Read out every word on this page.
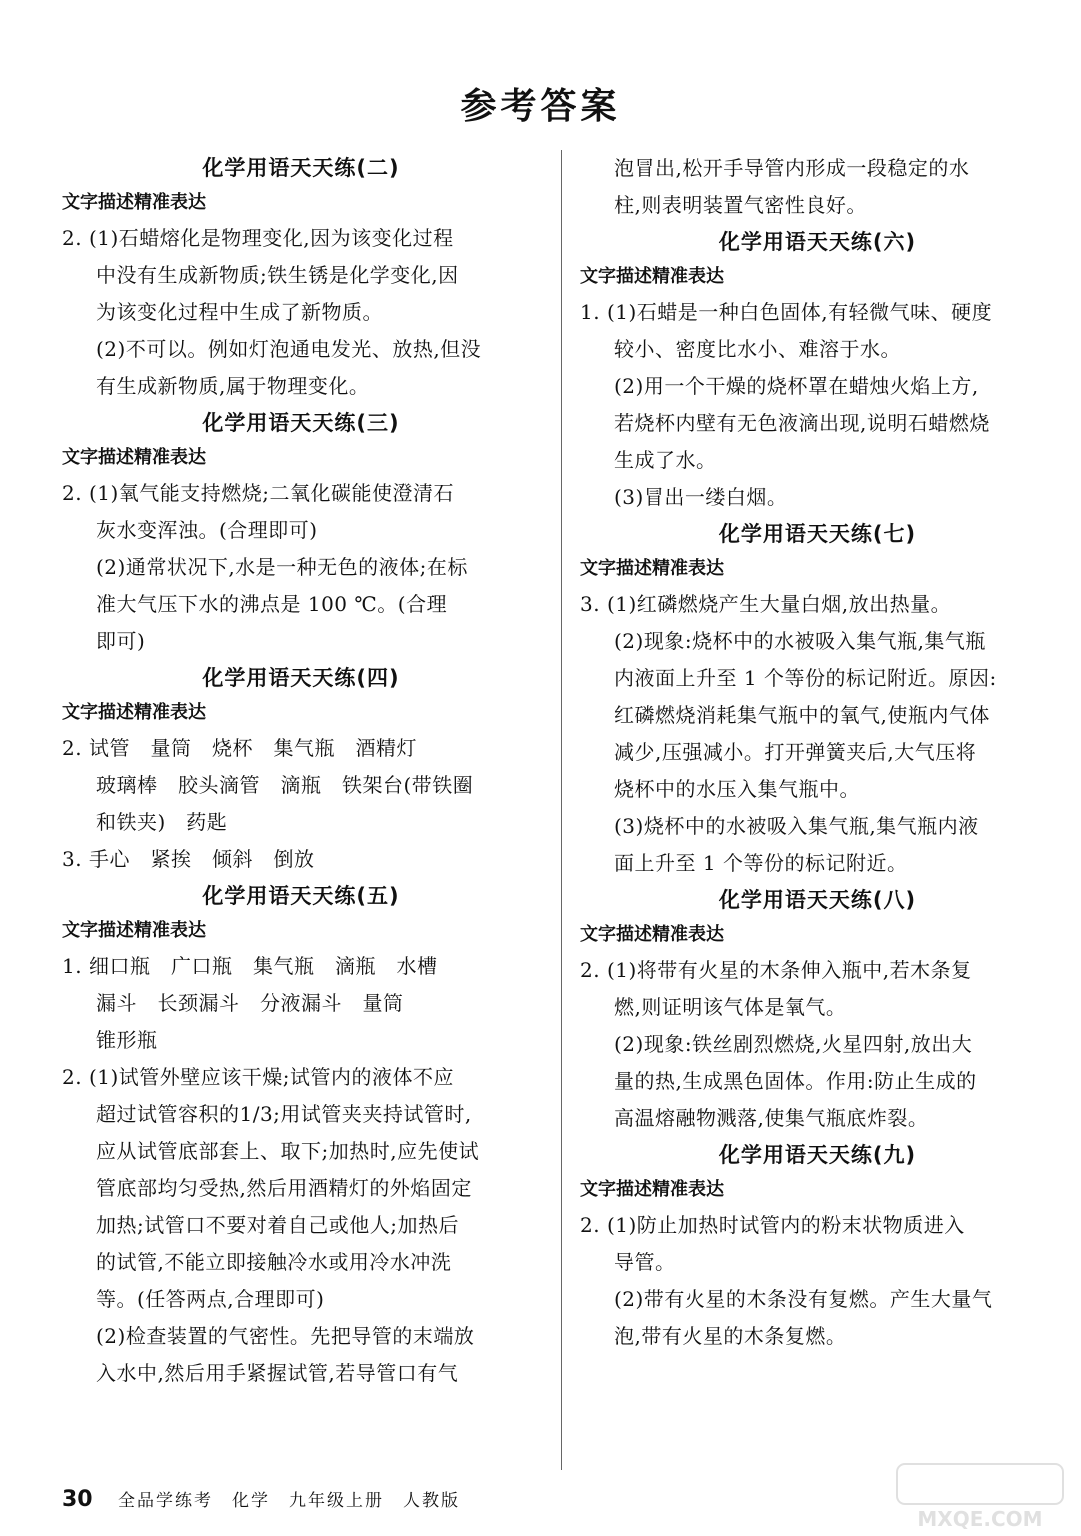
参考答案
化学用语天天练(二)
文字描述精准表达
2. (1)石蜡熔化是物理变化,因为该变化过程
中没有生成新物质;铁生锈是化学变化,因
为该变化过程中生成了新物质。
(2)不可以。例如灯泡通电发光、放热,但没
有生成新物质,属于物理变化。
化学用语天天练(三)
文字描述精准表达
2. (1)氧气能支持燃烧;二氧化碳能使澄清石
灰水变浑浊。(合理即可)
(2)通常状况下,水是一种无色的液体;在标
准大气压下水的沸点是 100 ℃。(合理
即可)
化学用语天天练(四)
文字描述精准表达
2. 试管　量筒　烧杯　集气瓶　酒精灯
玻璃棒　胶头滴管　滴瓶　铁架台(带铁圈
和铁夹)　药匙
3. 手心　紧挨　倾斜　倒放
化学用语天天练(五)
文字描述精准表达
1. 细口瓶　广口瓶　集气瓶　滴瓶　水槽
漏斗　长颈漏斗　分液漏斗　量筒
锥形瓶
2. (1)试管外壁应该干燥;试管内的液体不应
超过试管容积的1/3;用试管夹夹持试管时,
应从试管底部套上、取下;加热时,应先使试
管底部均匀受热,然后用酒精灯的外焰固定
加热;试管口不要对着自己或他人;加热后
的试管,不能立即接触冷水或用冷水冲洗
等。(任答两点,合理即可)
(2)检查装置的气密性。先把导管的末端放
入水中,然后用手紧握试管,若导管口有气
泡冒出,松开手导管内形成一段稳定的水
柱,则表明装置气密性良好。
化学用语天天练(六)
文字描述精准表达
1. (1)石蜡是一种白色固体,有轻微气味、硬度
较小、密度比水小、难溶于水。
(2)用一个干燥的烧杯罩在蜡烛火焰上方,
若烧杯内壁有无色液滴出现,说明石蜡燃烧
生成了水。
(3)冒出一缕白烟。
化学用语天天练(七)
文字描述精准表达
3. (1)红磷燃烧产生大量白烟,放出热量。
(2)现象:烧杯中的水被吸入集气瓶,集气瓶
内液面上升至 1 个等份的标记附近。原因:
红磷燃烧消耗集气瓶中的氧气,使瓶内气体
减少,压强减小。打开弹簧夹后,大气压将
烧杯中的水压入集气瓶中。
(3)烧杯中的水被吸入集气瓶,集气瓶内液
面上升至 1 个等份的标记附近。
化学用语天天练(八)
文字描述精准表达
2. (1)将带有火星的木条伸入瓶中,若木条复
燃,则证明该气体是氧气。
(2)现象:铁丝剧烈燃烧,火星四射,放出大
量的热,生成黑色固体。作用:防止生成的
高温熔融物溅落,使集气瓶底炸裂。
化学用语天天练(九)
文字描述精准表达
2. (1)防止加热时试管内的粉末状物质进入
导管。
(2)带有火星的木条没有复燃。产生大量气
泡,带有火星的木条复燃。
30 全品学练考　化学　九年级上册　人教版
MXQE.COM
